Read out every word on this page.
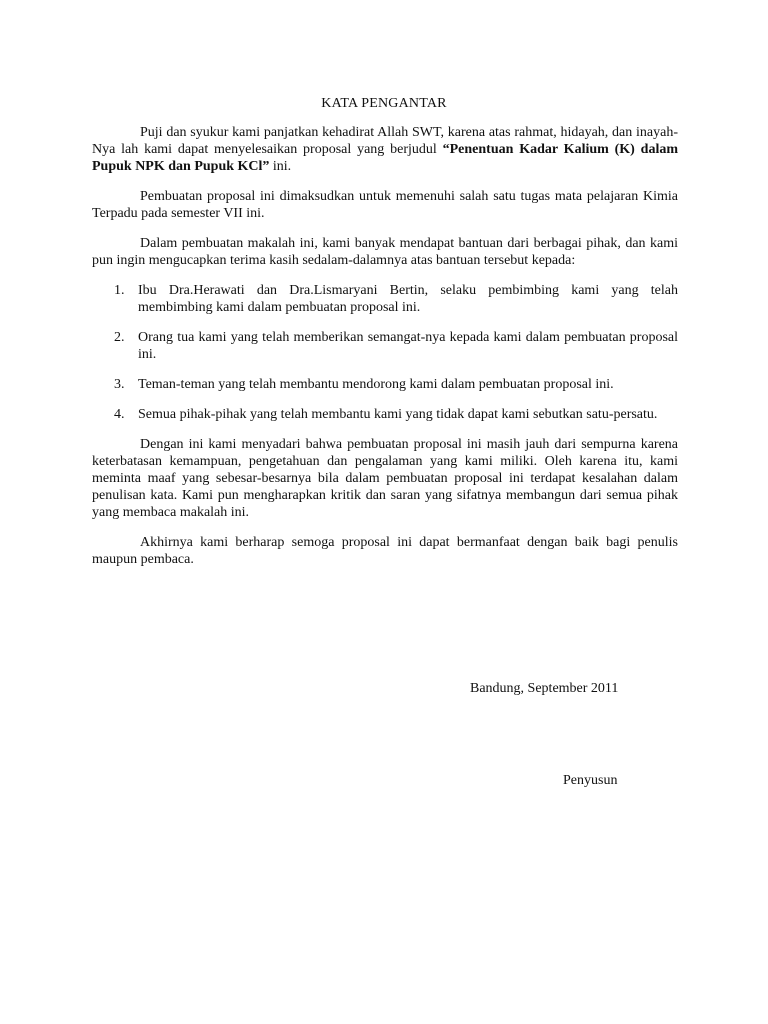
KATA PENGANTAR

Puji dan syukur kami panjatkan kehadirat Allah SWT, karena atas rahmat, hidayah, dan inayah-Nya lah kami dapat menyelesaikan proposal yang berjudul “Penentuan Kadar Kalium (K) dalam Pupuk NPK dan Pupuk KCl” ini.

Pembuatan proposal ini dimaksudkan untuk memenuhi salah satu tugas mata pelajaran Kimia Terpadu pada semester VII ini.

Dalam pembuatan makalah ini, kami banyak mendapat bantuan dari berbagai pihak, dan kami pun ingin mengucapkan terima kasih sedalam-dalamnya atas bantuan tersebut kepada:

1. Ibu Dra.Herawati dan Dra.Lismaryani Bertin, selaku pembimbing kami yang telah membimbing kami dalam pembuatan proposal ini.
2. Orang tua kami yang telah memberikan semangat-nya kepada kami dalam pembuatan proposal ini.
3. Teman-teman yang telah membantu mendorong kami dalam pembuatan proposal ini.
4. Semua pihak-pihak yang telah membantu kami yang tidak dapat kami sebutkan satu-persatu.

Dengan ini kami menyadari bahwa pembuatan proposal ini masih jauh dari sempurna karena keterbatasan kemampuan, pengetahuan dan pengalaman yang kami miliki. Oleh karena itu, kami meminta maaf yang sebesar-besarnya bila dalam pembuatan proposal ini terdapat kesalahan dalam penulisan kata. Kami pun mengharapkan kritik dan saran yang sifatnya membangun dari semua pihak yang membaca makalah ini.

Akhirnya kami berharap semoga proposal ini dapat bermanfaat dengan baik bagi penulis maupun pembaca.

Bandung, September 2011
Penyusun
